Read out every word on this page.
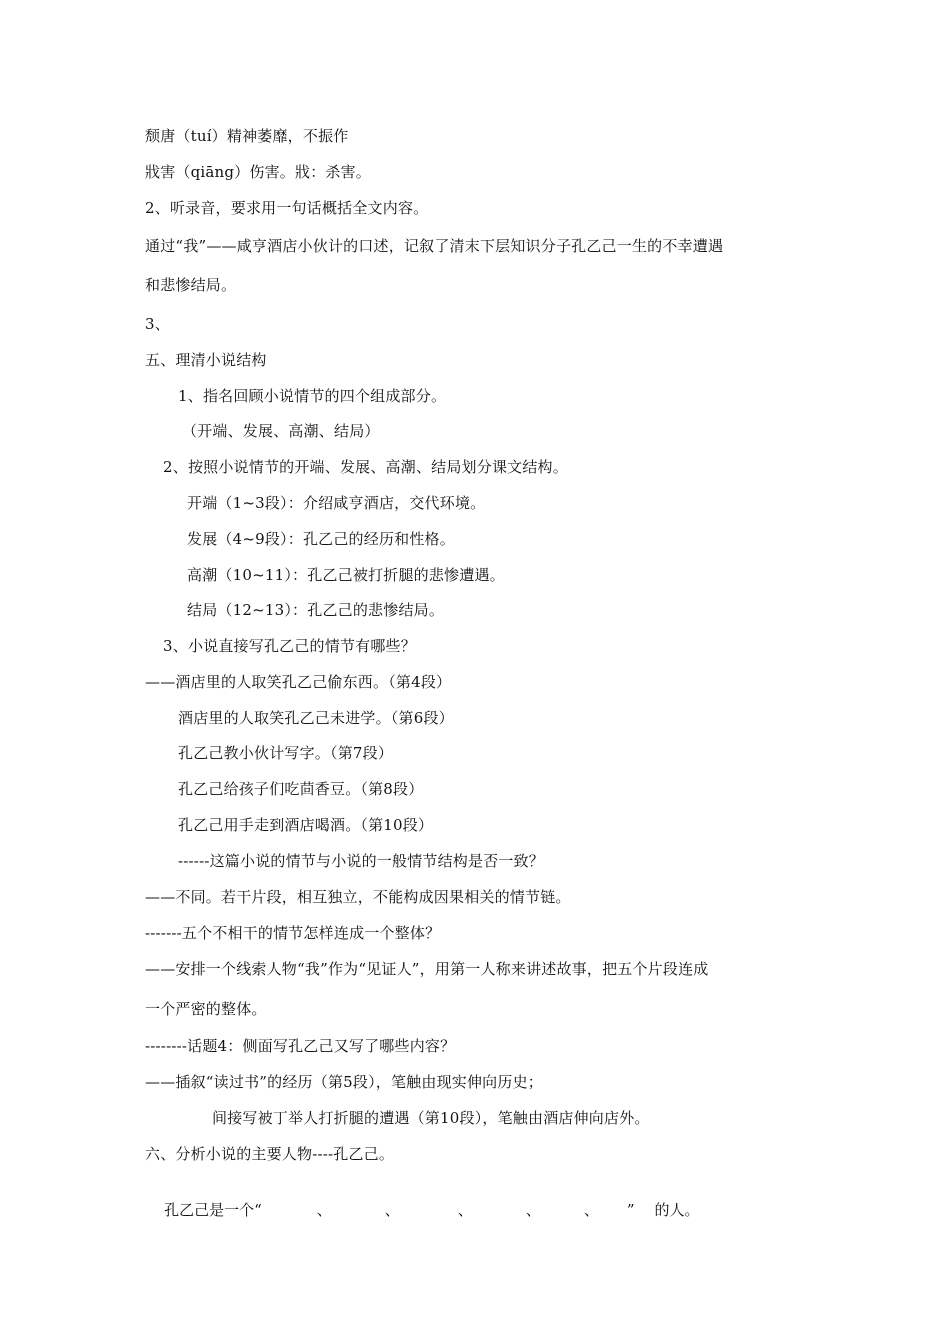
颓唐（tuí）精神萎靡，不振作
戕害（qiāng）伤害。戕：杀害。
2、听录音，要求用一句话概括全文内容。
通过“我”——咸亨酒店小伙计的口述，记叙了清末下层知识分子孔乙己一生的不幸遭遇
和悲惨结局。
3、
五、理清小说结构
1、指名回顾小说情节的四个组成部分。
（开端、发展、高潮、结局）
2、按照小说情节的开端、发展、高潮、结局划分课文结构。
开端（1~3段）：介绍咸亨酒店，交代环境。
发展（4~9段）：孔乙己的经历和性格。
高潮（10~11）：孔乙己被打折腿的悲惨遭遇。
结局（12~13）：孔乙己的悲惨结局。
3、小说直接写孔乙己的情节有哪些？
——酒店里的人取笑孔乙己偷东西。（第4段）
酒店里的人取笑孔乙己未进学。（第6段）
孔乙己教小伙计写字。（第7段）
孔乙己给孩子们吃茴香豆。（第8段）
孔乙己用手走到酒店喝酒。（第10段）
------这篇小说的情节与小说的一般情节结构是否一致？
——不同。若干片段，相互独立，不能构成因果相关的情节链。
-------五个不相干的情节怎样连成一个整体？
——安排一个线索人物“我”作为“见证人”，用第一人称来讲述故事，把五个片段连成
一个严密的整体。
--------话题4：侧面写孔乙己又写了哪些内容？
——插叙“读过书”的经历（第5段），笔触由现实伸向历史；
间接写被丁举人打折腿的遭遇（第10段），笔触由酒店伸向店外。
六、分析小说的主要人物----孔乙己。

孔乙己是一个“	、	、	、	、	、 ” 的人。
